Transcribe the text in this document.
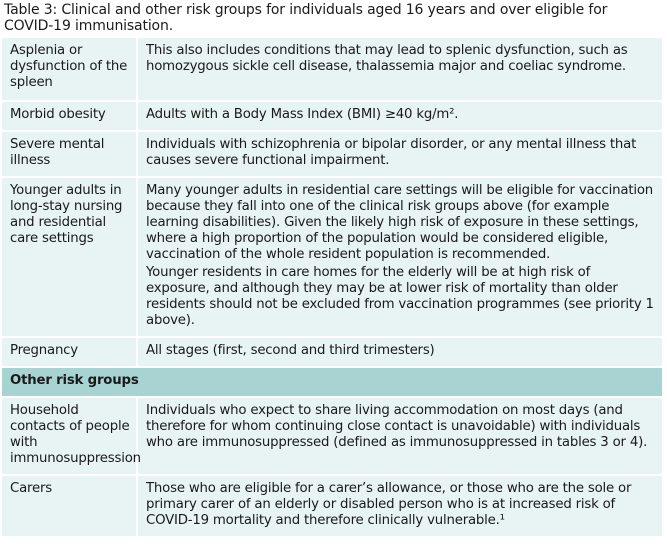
Table 3: Clinical and other risk groups for individuals aged 16 years and over eligible for COVID-19 immunisation.
Asplenia or dysfunction of the spleen	This also includes conditions that may lead to splenic dysfunction, such as homozygous sickle cell disease, thalassemia major and coeliac syndrome.

Morbid obesity	Adults with a Body Mass Index (BMI) ≥40 kg/m².

Severe mental illness	Individuals with schizophrenia or bipolar disorder, or any mental illness that causes severe functional impairment.

Younger adults in long-stay nursing and residential care settings	Many younger adults in residential care settings will be eligible for vaccination because they fall into one of the clinical risk groups above (for example learning disabilities). Given the likely high risk of exposure in these settings, where a high proportion of the population would be considered eligible, vaccination of the whole resident population is recommended.

Younger residents in care homes for the elderly will be at high risk of exposure, and although they may be at lower risk of mortality than older residents should not be excluded from vaccination programmes (see priority 1 above).

Pregnancy	All stages (first, second and third trimesters)

Other risk groups	
Household contacts of people with immunosuppression	Individuals who expect to share living accommodation on most days (and therefore for whom continuing close contact is unavoidable) with individuals who are immunosuppressed (defined as immunosuppressed in tables 3 or 4).

Carers	Those who are eligible for a carer’s allowance, or those who are the sole or primary carer of an elderly or disabled person who is at increased risk of COVID-19 mortality and therefore clinically vulnerable.¹
